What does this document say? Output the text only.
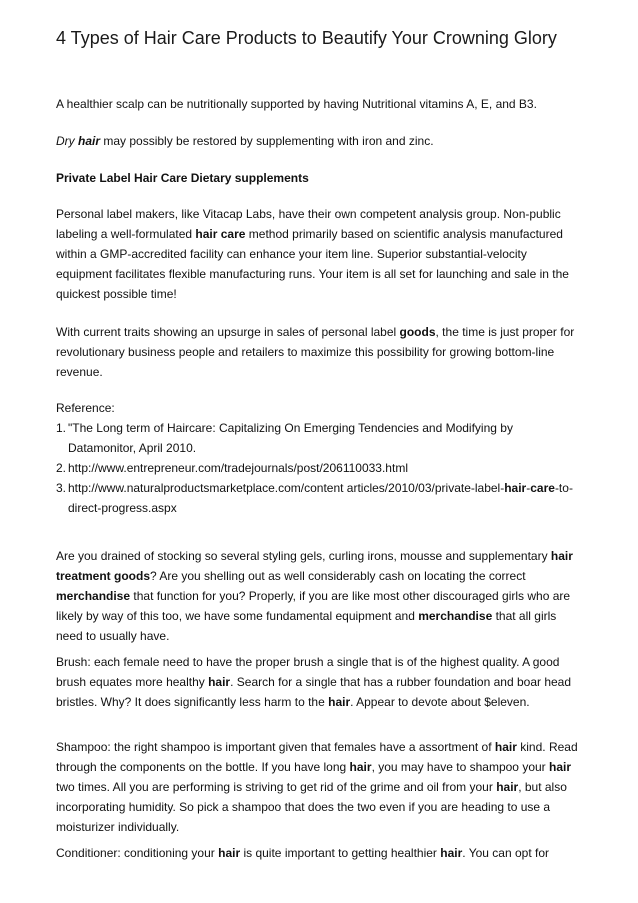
4 Types of Hair Care Products to Beautify Your Crowning Glory
A healthier scalp can be nutritionally supported by having Nutritional vitamins A, E, and B3.
Dry hair may possibly be restored by supplementing with iron and zinc.
Private Label Hair Care Dietary supplements
Personal label makers, like Vitacap Labs, have their own competent analysis group. Non-public labeling a well-formulated hair care method primarily based on scientific analysis manufactured within a GMP-accredited facility can enhance your item line. Superior substantial-velocity equipment facilitates flexible manufacturing runs. Your item is all set for launching and sale in the quickest possible time!
With current traits showing an upsurge in sales of personal label goods, the time is just proper for revolutionary business people and retailers to maximize this possibility for growing bottom-line revenue.
Reference:
1. "The Long term of Haircare: Capitalizing On Emerging Tendencies and Modifying by Datamonitor, April 2010.
2. http://www.entrepreneur.com/tradejournals/post/206110033.html
3. http://www.naturalproductsmarketplace.com/content articles/2010/03/private-label-hair-care-to-direct-progress.aspx
Are you drained of stocking so several styling gels, curling irons, mousse and supplementary hair treatment goods? Are you shelling out as well considerably cash on locating the correct merchandise that function for you? Properly, if you are like most other discouraged girls who are likely by way of this too, we have some fundamental equipment and merchandise that all girls need to usually have.
Brush: each female need to have the proper brush a single that is of the highest quality. A good brush equates more healthy hair. Search for a single that has a rubber foundation and boar head bristles. Why? It does significantly less harm to the hair. Appear to devote about $eleven.
Shampoo: the right shampoo is important given that females have a assortment of hair kind. Read through the components on the bottle. If you have long hair, you may have to shampoo your hair two times. All you are performing is striving to get rid of the grime and oil from your hair, but also incorporating humidity. So pick a shampoo that does the two even if you are heading to use a moisturizer individually.
Conditioner: conditioning your hair is quite important to getting healthier hair. You can opt for
